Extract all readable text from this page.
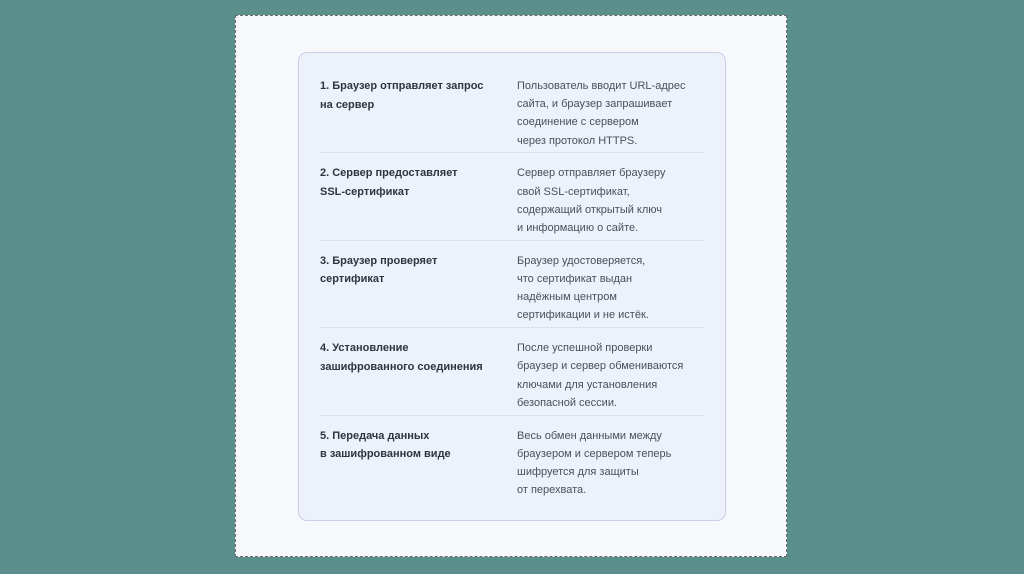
1. Браузер отправляет запрос
на сервер
Пользователь вводит URL-адрес
сайта, и браузер запрашивает
соединение с сервером
через протокол HTTPS.
2. Сервер предоставляет
SSL-сертификат
Сервер отправляет браузеру
свой SSL-сертификат,
содержащий открытый ключ
и информацию о сайте.
3. Браузер проверяет
сертификат
Браузер удостоверяется,
что сертификат выдан
надёжным центром
сертификации и не истёк.
4. Установление
зашифрованного соединения
После успешной проверки
браузер и сервер обмениваются
ключами для установления
безопасной сессии.
5. Передача данных
в зашифрованном виде
Весь обмен данными между
браузером и сервером теперь
шифруется для защиты
от перехвата.
